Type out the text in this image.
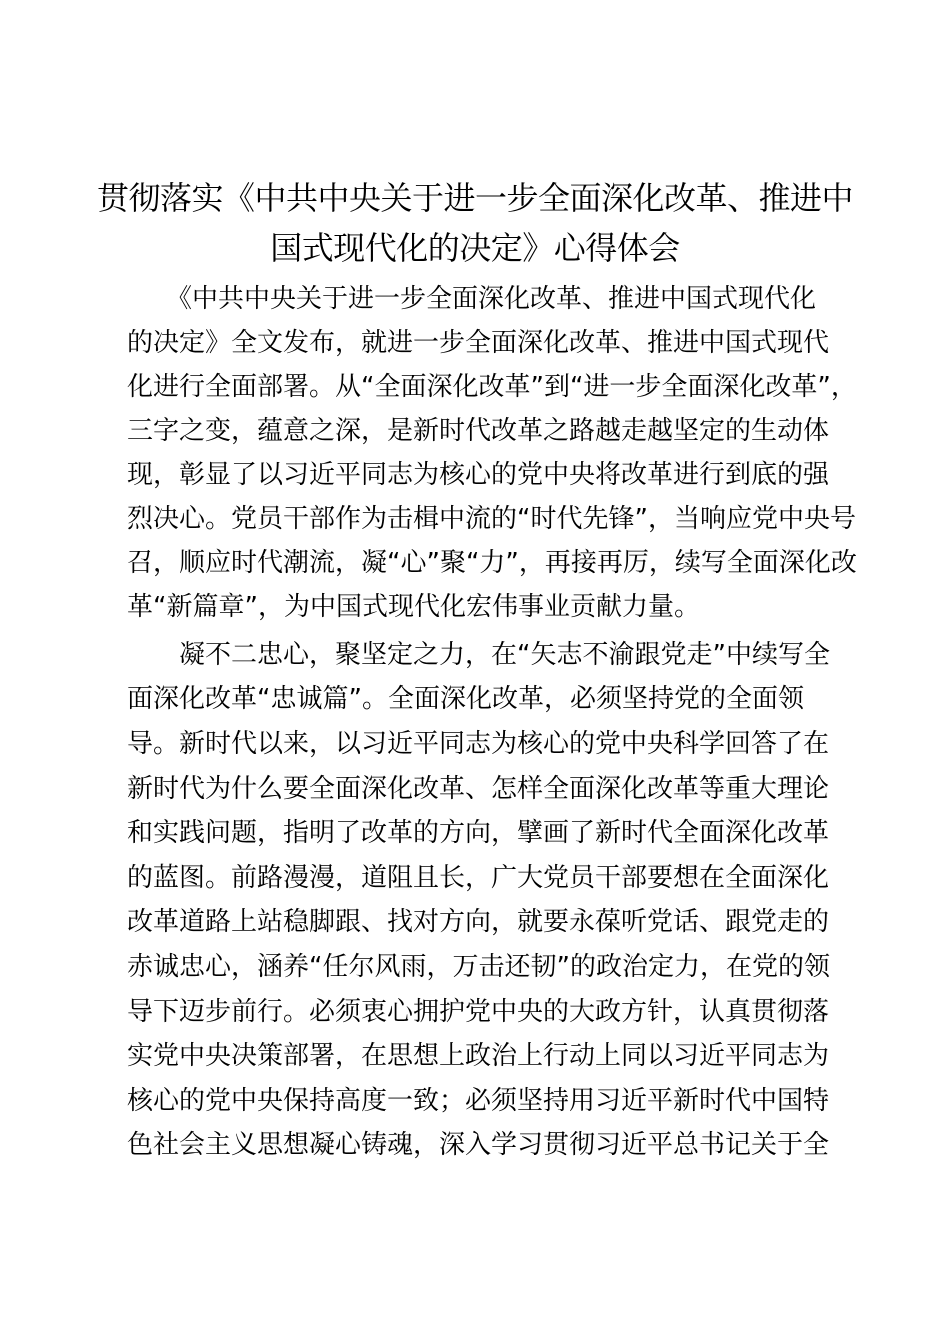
贯彻落实《中共中央关于进一步全面深化改革、推进中
国式现代化的决定》心得体会
　　《中共中央关于进一步全面深化改革、推进中国式现代化
的决定》全文发布，就进一步全面深化改革、推进中国式现代
化进行全面部署。从“全面深化改革”到“进一步全面深化改革”，
三字之变，蕴意之深，是新时代改革之路越走越坚定的生动体
现，彰显了以习近平同志为核心的党中央将改革进行到底的强
烈决心。党员干部作为击楫中流的“时代先锋”，当响应党中央号
召，顺应时代潮流，凝“心”聚“力”，再接再厉，续写全面深化改
革“新篇章”，为中国式现代化宏伟事业贡献力量。
　　凝不二忠心，聚坚定之力，在“矢志不渝跟党走”中续写全
面深化改革“忠诚篇”。全面深化改革，必须坚持党的全面领
导。新时代以来，以习近平同志为核心的党中央科学回答了在
新时代为什么要全面深化改革、怎样全面深化改革等重大理论
和实践问题，指明了改革的方向，擘画了新时代全面深化改革
的蓝图。前路漫漫，道阻且长，广大党员干部要想在全面深化
改革道路上站稳脚跟、找对方向，就要永葆听党话、跟党走的
赤诚忠心，涵养“任尔风雨，万击还韧”的政治定力，在党的领
导下迈步前行。必须衷心拥护党中央的大政方针，认真贯彻落
实党中央决策部署，在思想上政治上行动上同以习近平同志为
核心的党中央保持高度一致；必须坚持用习近平新时代中国特
色社会主义思想凝心铸魂，深入学习贯彻习近平总书记关于全
